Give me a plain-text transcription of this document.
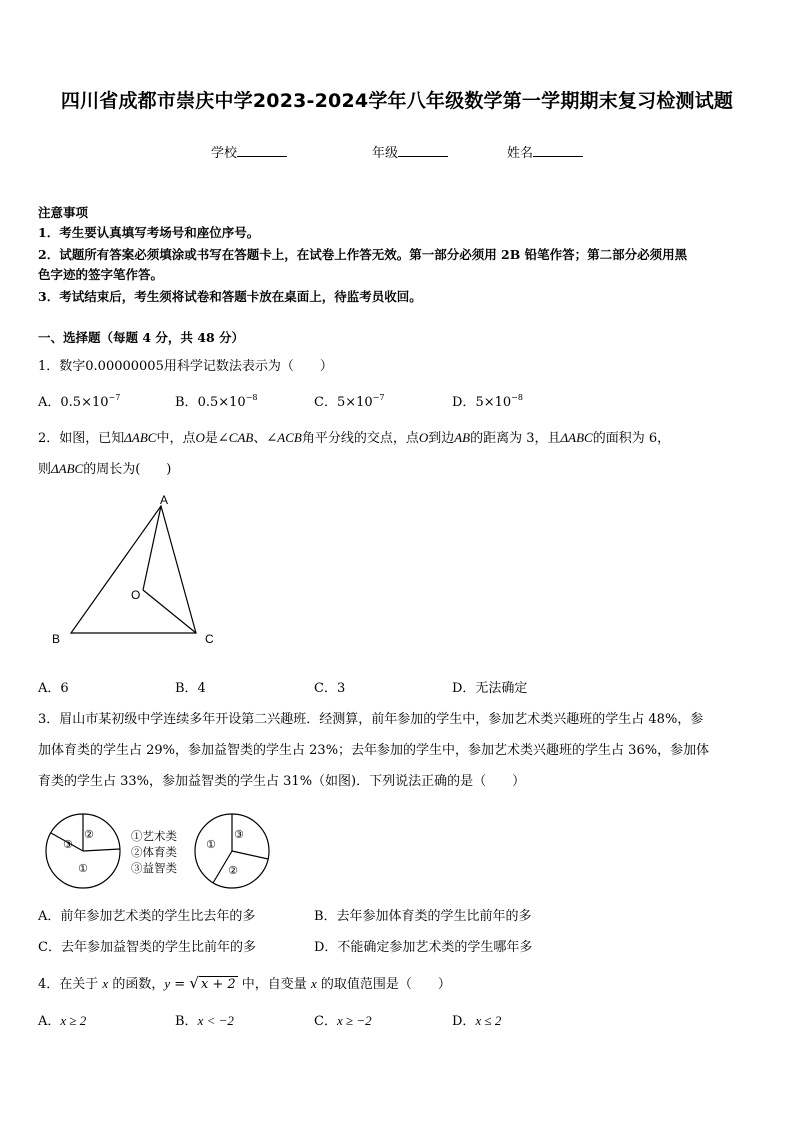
四川省成都市崇庆中学2023-2024学年八年级数学第一学期期末复习检测试题
学校	年级	姓名
注意事项
1．考生要认真填写考场号和座位序号。
2．试题所有答案必须填涂或书写在答题卡上，在试卷上作答无效。第一部分必须用 2B 铅笔作答；第二部分必须用黑
色字迹的签字笔作答。
3．考试结束后，考生须将试卷和答题卡放在桌面上，待监考员收回。
一、选择题（每题 4 分，共 48 分）
1．数字0.00000005用科学记数法表示为（　　）
A．$0.5\times 10^{-7}$	B．$0.5\times 10^{-8}$	C．$5\times 10^{-7}$	D．$5\times 10^{-8}$
2．如图，已知ΔABC中，点O是∠CAB、∠ACB角平分线的交点，点O到边AB的距离为 3，且ΔABC的面积为 6，
则ΔABC的周长为(　　)
A
B	C
O
A．6	B．4	C．3	D．无法确定
3．眉山市某初级中学连续多年开设第二兴趣班．经测算，前年参加的学生中，参加艺术类兴趣班的学生占 48%，参
加体育类的学生占 29%，参加益智类的学生占 23%；去年参加的学生中，参加艺术类兴趣班的学生占 36%，参加体
育类的学生占 33%，参加益智类的学生占 31%（如图)．下列说法正确的是（　　）
③
②
①
①
③
②
①艺术类
②体育类
③益智类
A．前年参加艺术类的学生比去年的多	B．去年参加体育类的学生比前年的多
C．去年参加益智类的学生比前年的多	D．不能确定参加艺术类的学生哪年多
4．在关于 x 的函数，y = √ x + 2 中，自变量 x 的取值范围是（　　）
A．x ≥ 2	B．x < −2	C．x ≥ −2	D．x ≤ 2
